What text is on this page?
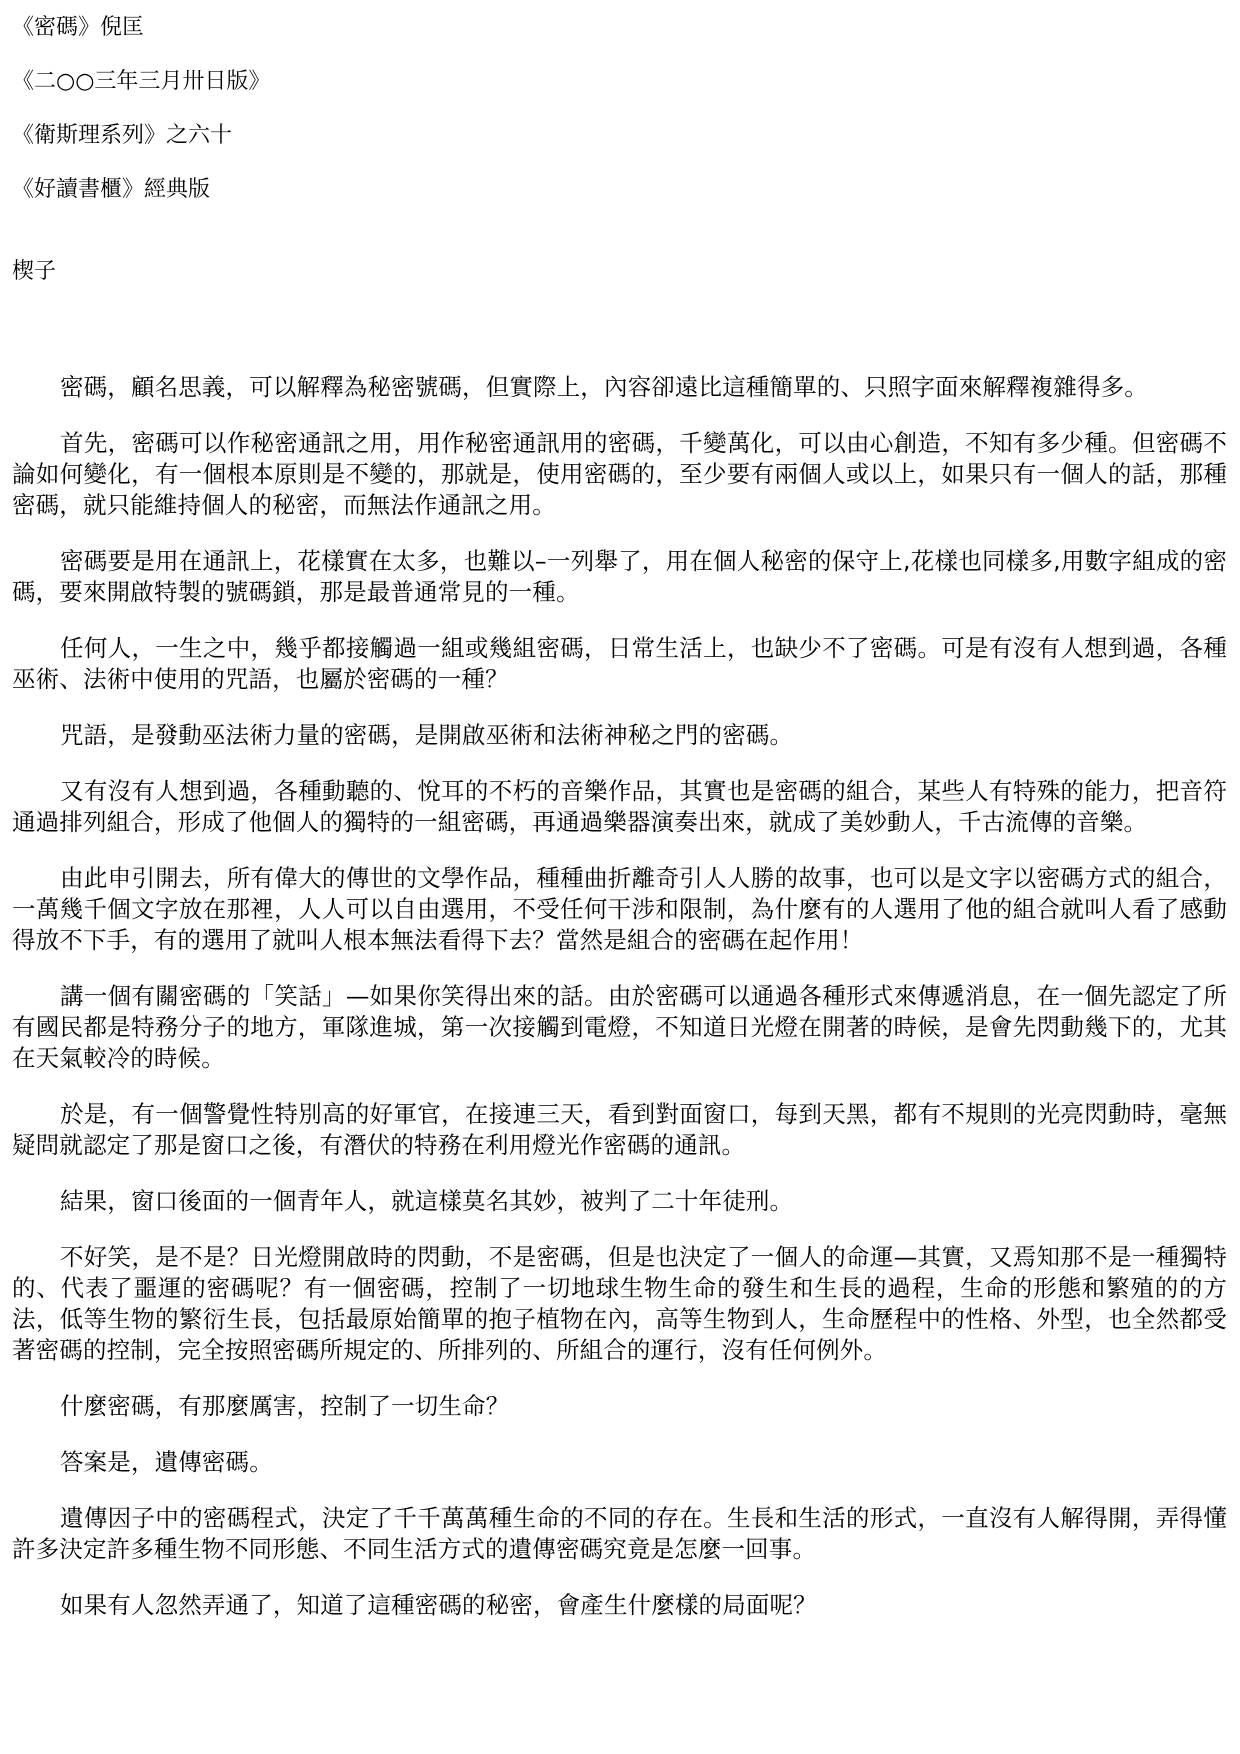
《密碼》倪匡
《二○○三年三月卅日版》
《衛斯理系列》之六十
《好讀書櫃》經典版
楔子

密碼，顧名思義，可以解釋為秘密號碼，但實際上，內容卻遠比這種簡單的、只照字面來解釋複雜得多。

首先，密碼可以作秘密通訊之用，用作秘密通訊用的密碼，千變萬化，可以由心創造，不知有多少種。但密碼不論如何變化，有一個根本原則是不變的，那就是，使用密碼的，至少要有兩個人或以上，如果只有一個人的話，那種密碼，就只能維持個人的秘密，而無法作通訊之用。

密碼要是用在通訊上，花樣實在太多，也難以–一列舉了，用在個人秘密的保守上,花樣也同樣多,用數字組成的密碼，要來開啟特製的號碼鎖，那是最普通常見的一種。

任何人，一生之中，幾乎都接觸過一組或幾組密碼，日常生活上，也缺少不了密碼。可是有沒有人想到過，各種巫術、法術中使用的咒語，也屬於密碼的一種？

咒語，是發動巫法術力量的密碼，是開啟巫術和法術神秘之門的密碼。

又有沒有人想到過，各種動聽的、悅耳的不朽的音樂作品，其實也是密碼的組合，某些人有特殊的能力，把音符通過排列組合，形成了他個人的獨特的一組密碼，再通過樂器演奏出來，就成了美妙動人，千古流傳的音樂。

由此申引開去，所有偉大的傳世的文學作品，種種曲折離奇引人人勝的故事，也可以是文字以密碼方式的組合，一萬幾千個文字放在那裡，人人可以自由選用，不受任何干涉和限制，為什麼有的人選用了他的組合就叫人看了感動得放不下手，有的選用了就叫人根本無法看得下去？當然是組合的密碼在起作用！

講一個有關密碼的「笑話」—如果你笑得出來的話。由於密碼可以通過各種形式來傳遞消息，在一個先認定了所有國民都是特務分子的地方，軍隊進城，第一次接觸到電燈，不知道日光燈在開著的時候，是會先閃動幾下的，尤其在天氣較冷的時候。

於是，有一個警覺性特別高的好軍官，在接連三天，看到對面窗口，每到天黑，都有不規則的光亮閃動時，毫無疑問就認定了那是窗口之後，有潛伏的特務在利用燈光作密碼的通訊。

結果，窗口後面的一個青年人，就這樣莫名其妙，被判了二十年徒刑。

不好笑，是不是？日光燈開啟時的閃動，不是密碼，但是也決定了一個人的命運—其實，又焉知那不是一種獨特的、代表了噩運的密碼呢？有一個密碼，控制了一切地球生物生命的發生和生長的過程，生命的形態和繁殖的的方法，低等生物的繁衍生長，包括最原始簡單的抱子植物在內，高等生物到人，生命歷程中的性格、外型，也全然都受著密碼的控制，完全按照密碼所規定的、所排列的、所組合的運行，沒有任何例外。

什麼密碼，有那麼厲害，控制了一切生命？

答案是，遺傳密碼。

遺傳因子中的密碼程式，決定了千千萬萬種生命的不同的存在。生長和生活的形式，一直沒有人解得開，弄得懂許多決定許多種生物不同形態、不同生活方式的遺傳密碼究竟是怎麼一回事。

如果有人忽然弄通了，知道了這種密碼的秘密，會產生什麼樣的局面呢？
